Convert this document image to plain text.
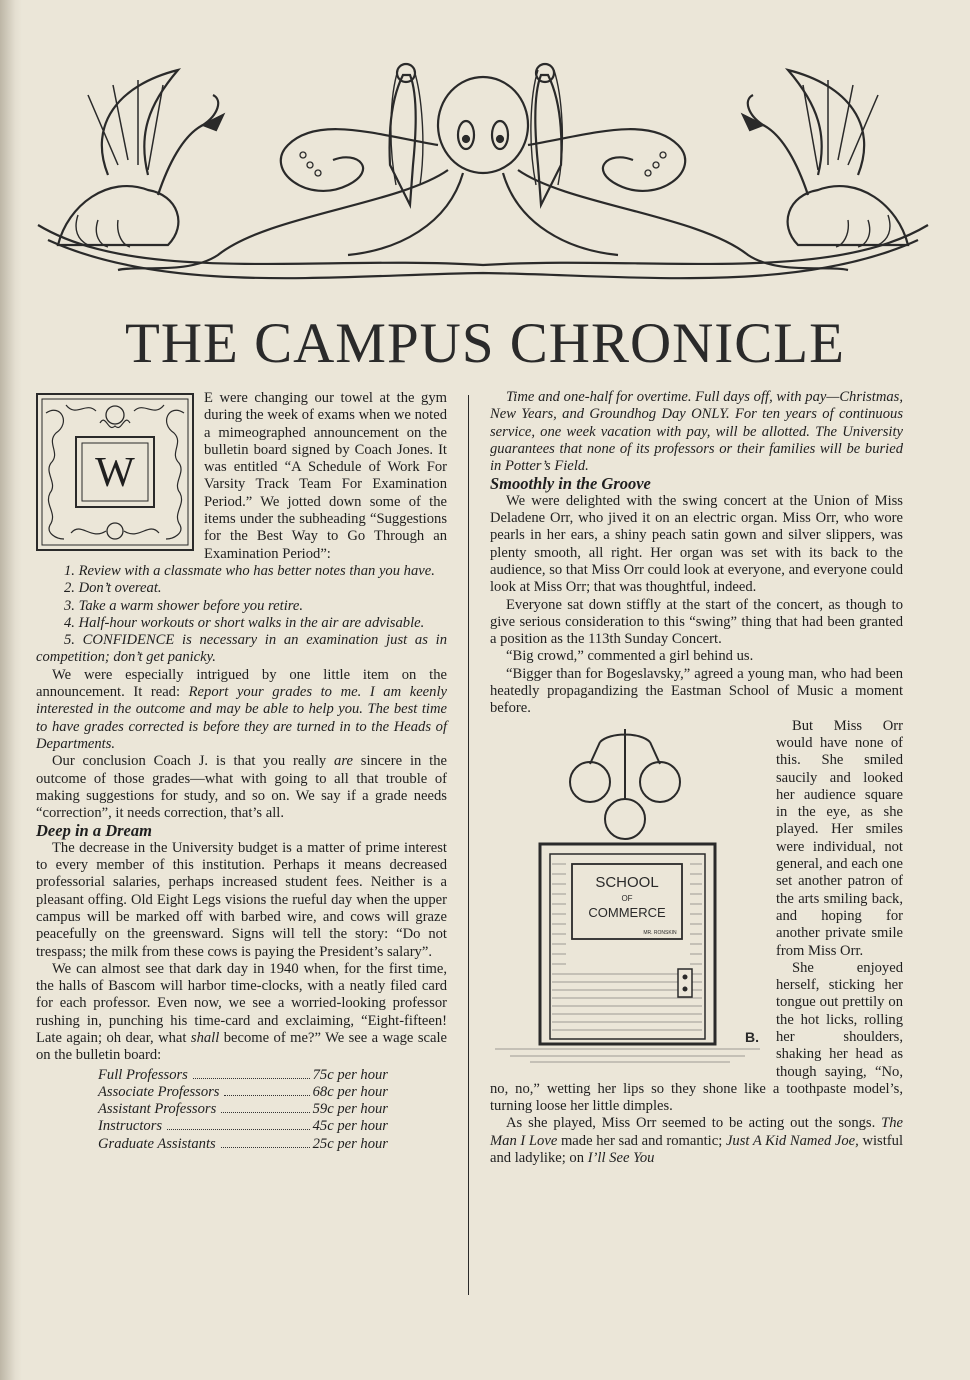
THE CAMPUS CHRONICLE
W

E were changing our towel at the gym during the week of exams when we noted a mimeographed announcement on the bulletin board signed by Coach Jones. It was entitled “A Schedule of Work For Varsity Track Team For Examination Period.” We jotted down some of the items under the subheading “Suggestions for the Best Way to Go Through an Examination Period”:

1. Review with a classmate who has better notes than you have.

2. Don’t overeat.

3. Take a warm shower before you retire.

4. Half-hour workouts or short walks in the air are advisable.

5. CONFIDENCE is necessary in an examination just as in competition; don’t get panicky.

We were especially intrigued by one little item on the announcement. It read: Report your grades to me. I am keenly interested in the outcome and may be able to help you. The best time to have grades corrected is before they are turned in to the Heads of Departments.

Our conclusion Coach J. is that you really are sincere in the outcome of those grades—what with going to all that trouble of making suggestions for study, and so on. We say if a grade needs “correction”, it needs correction, that’s all.

Deep in a Dream

The decrease in the University budget is a matter of prime interest to every member of this institution. Perhaps it means decreased professorial salaries, perhaps increased student fees. Neither is a pleasant offing. Old Eight Legs visions the rueful day when the upper campus will be marked off with barbed wire, and cows will graze peacefully on the greensward. Signs will tell the story: “Do not trespass; the milk from these cows is paying the President’s salary”.

We can almost see that dark day in 1940 when, for the first time, the halls of Bascom will harbor time-clocks, with a neatly filed card for each professor. Even now, we see a worried-looking professor rushing in, punching his time-card and exclaiming, “Eight-fifteen! Late again; oh dear, what shall become of me?” We see a wage scale on the bulletin board:

Full Professors	75c per hour
Associate Professors	68c per hour
Assistant Professors	59c per hour
Instructors	45c per hour
Graduate Assistants	25c per hour

Time and one-half for overtime. Full days off, with pay—Christmas, New Years, and Groundhog Day ONLY. For ten years of continuous service, one week vacation with pay, will be allotted. The University guarantees that none of its professors or their families will be buried in Potter’s Field.

Smoothly in the Groove

We were delighted with the swing concert at the Union of Miss Deladene Orr, who jived it on an electric organ. Miss Orr, who wore pearls in her ears, a shiny peach satin gown and silver slippers, was plenty smooth, all right. Her organ was set with its back to the audience, so that Miss Orr could look at everyone, and everyone could look at Miss Orr; that was thoughtful, indeed.

Everyone sat down stiffly at the start of the concert, as though to give serious consideration to this “swing” thing that had been granted a position as the 113th Sunday Concert.

“Big crowd,” commented a girl behind us.

“Bigger than for Bogeslavsky,” agreed a young man, who had been heatedly propagandizing the Eastman School of Music a moment before.

SCHOOL
OF
COMMERCE
MR. RONSKIN
B.

But Miss Orr would have none of this. She smiled saucily and looked her audience square in the eye, as she played. Her smiles were individual, not general, and each one set another patron of the arts smiling back, and hoping for another private smile from Miss Orr.

She enjoyed herself, sticking her tongue out prettily on the hot licks, rolling her shoulders, shaking her head as though saying, “No, no, no,” wetting her lips so they shone like a toothpaste model’s, turning loose her little dimples.

As she played, Miss Orr seemed to be acting out the songs. The Man I Love made her sad and romantic; Just A Kid Named Joe, wistful and ladylike; on I’ll See You
